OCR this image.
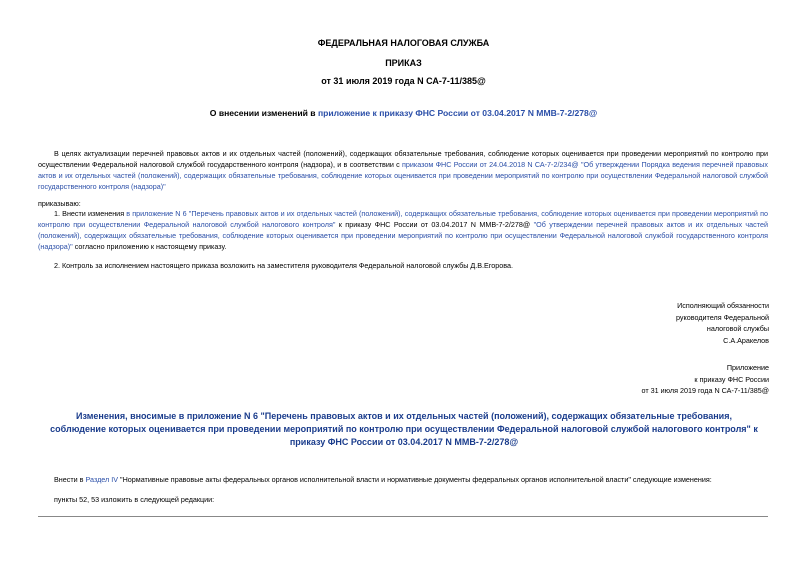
ФЕДЕРАЛЬНАЯ НАЛОГОВАЯ СЛУЖБА
ПРИКАЗ
от 31 июля 2019 года N СА-7-11/385@
О внесении изменений в приложение к приказу ФНС России от 03.04.2017 N ММВ-7-2/278@
В целях актуализации перечней правовых актов и их отдельных частей (положений), содержащих обязательные требования, соблюдение которых оценивается при проведении мероприятий по контролю при осуществлении Федеральной налоговой службой государственного контроля (надзора), и в соответствии с приказом ФНС России от 24.04.2018 N СА-7-2/234@ "Об утверждении Порядка ведения перечней правовых актов и их отдельных частей (положений), содержащих обязательные требования, соблюдение которых оценивается при проведении мероприятий по контролю при осуществлении Федеральной налоговой службой государственного контроля (надзора)"
приказываю:
1. Внести изменения в приложение N 6 "Перечень правовых актов и их отдельных частей (положений), содержащих обязательные требования, соблюдение которых оценивается при проведении мероприятий по контролю при осуществлении Федеральной налоговой службой налогового контроля" к приказу ФНС России от 03.04.2017 N ММВ-7-2/278@ "Об утверждении перечней правовых актов и их отдельных частей (положений), содержащих обязательные требования, соблюдение которых оценивается при проведении мероприятий по контролю при осуществлении Федеральной налоговой службой государственного контроля (надзора)" согласно приложению к настоящему приказу.
2. Контроль за исполнением настоящего приказа возложить на заместителя руководителя Федеральной налоговой службы Д.В.Егорова.
Исполняющий обязанности
руководителя Федеральной
налоговой службы
С.А.Аракелов
Приложение
к приказу ФНС России
от 31 июля 2019 года N СА-7-11/385@
Изменения, вносимые в приложение N 6 "Перечень правовых актов и их отдельных частей (положений), содержащих обязательные требования, соблюдение которых оценивается при проведении мероприятий по контролю при осуществлении Федеральной налоговой службой налогового контроля" к приказу ФНС России от 03.04.2017 N ММВ-7-2/278@
Внести в Раздел IV "Нормативные правовые акты федеральных органов исполнительной власти и нормативные документы федеральных органов исполнительной власти" следующие изменения:
пункты 52, 53 изложить в следующей редакции:
